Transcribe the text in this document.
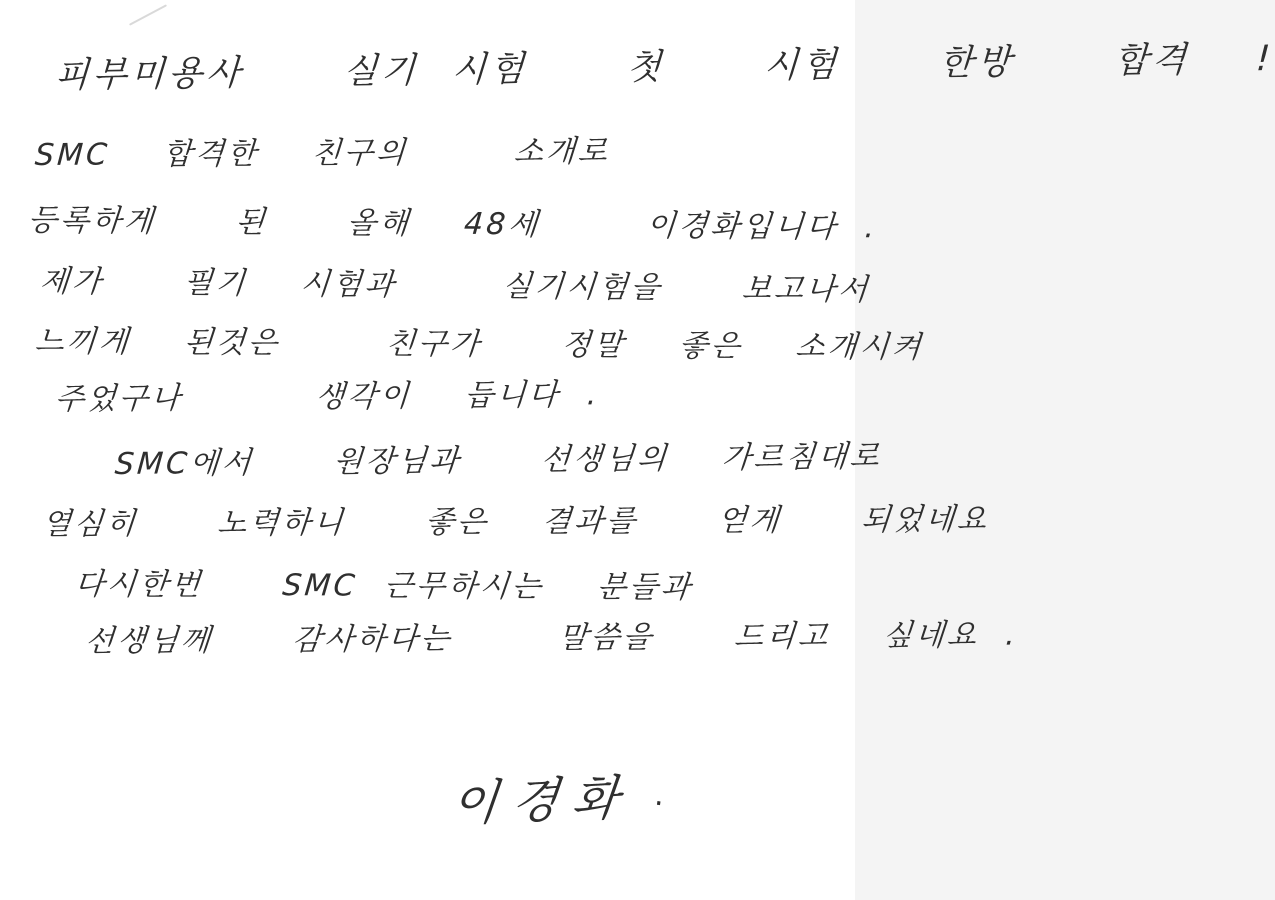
피부미용사   실기 시험   첫   시험   한방   합격  !
SMC  합격한  친구의    소개로
등록하게   된   올해  48세    이경화입니다 .
제가   필기  시험과    실기시험을   보고나서
느끼게  된것은    친구가   정말  좋은  소개시켜
주었구나     생각이  듭니다 .
SMC에서   원장님과   선생님의  가르침대로
열심히   노력하니   좋은  결과를   얻게   되었네요
다시한번   SMC 근무하시는  분들과
선생님께   감사하다는    말씀을   드리고  싶네요 .
이경화 .
